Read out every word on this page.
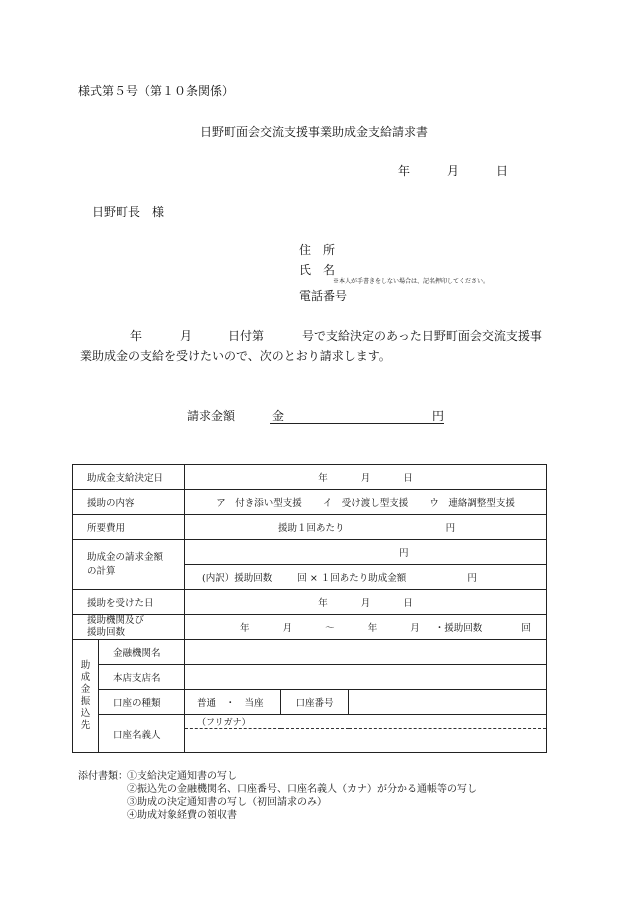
様式第５号（第１０条関係）
日野町面会交流支援事業助成金支給請求書
年	月	日
日野町長　様
住　所
氏　名
※本人が手書きをしない場合は、記名押印してください。
電話番号
年	月	日付第	号で支給決定のあった日野町面会交流支援事
業助成金の支給を受けたいので、次のとおり請求します。
請求金額	金	円
助成金支給決定日		年 月 日		
援助の内容		ア　付き添い型支援 イ　受け渡し型支援 ウ　連絡調整型支援		
所要費用		援助１回あたり 円		

助成金の請求金額
の計算		円		
		(内訳）援助回数 回 × １回あたり助成金額 円		
援助を受けた日		年 月 日		

援助機関及び
援助回数		年 月 ～ 年 月 ・援助回数 回		

助成金振込先	金融機関名			
	本店支店名			
	口座の種類	普通　・　当座	口座番号	
	口座名義人	（フリガナ）		

添付書類： ①支給決定通知書の写し
②振込先の金融機関名、口座番号、口座名義人（カナ）が分かる通帳等の写し
③助成の決定通知書の写し（初回請求のみ）
④助成対象経費の領収書
